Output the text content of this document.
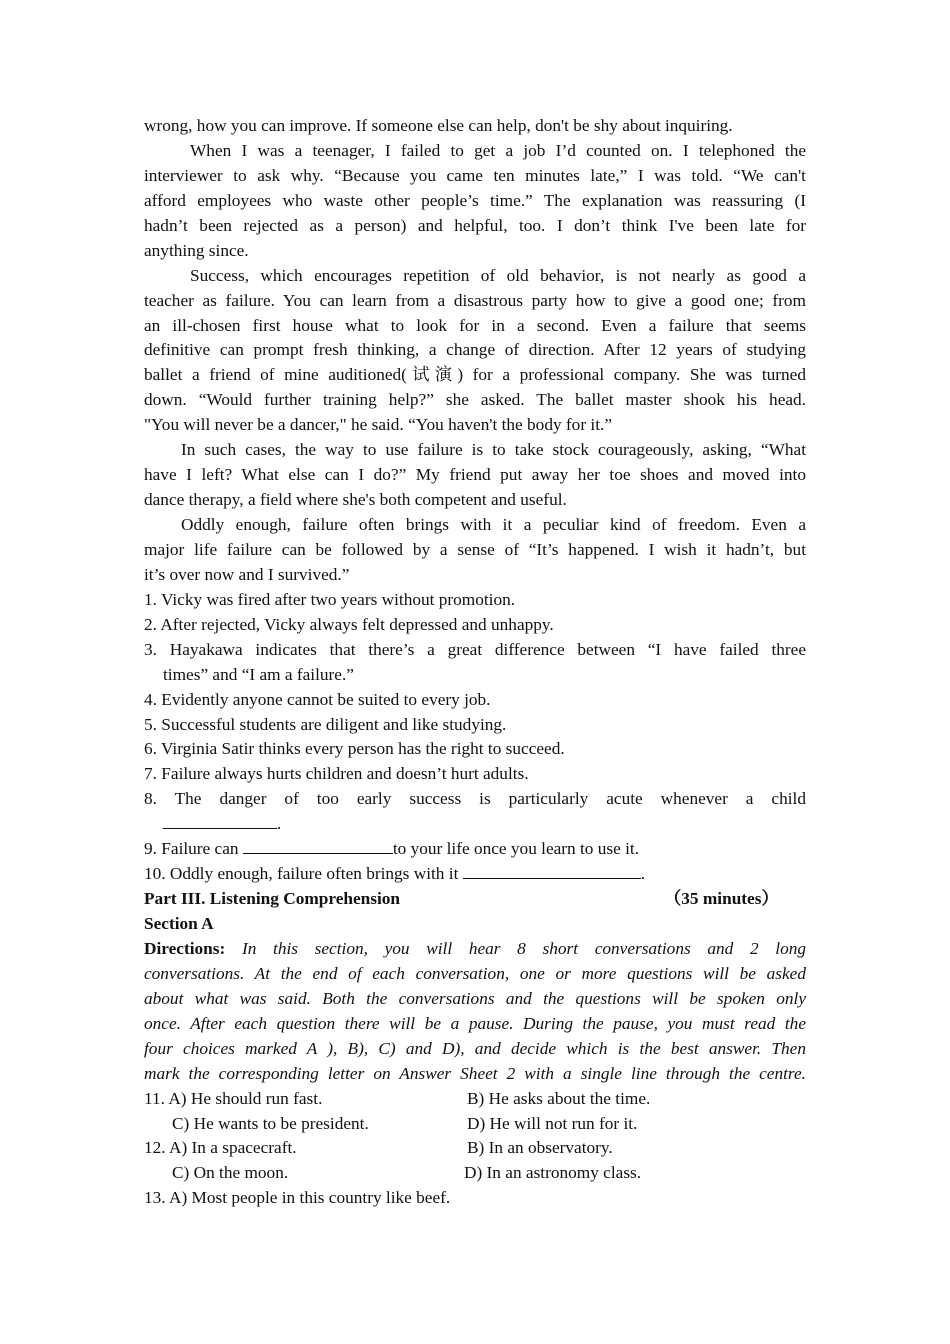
wrong, how you can improve. If someone else can help, don't be shy about inquiring.
When I was a teenager, I failed to get a job I’d counted on. I telephoned the
interviewer to ask why. “Because you came ten minutes late,” I was told. “We can't
afford employees who waste other people’s time.” The explanation was reassuring (I
hadn’t been rejected as a person) and helpful, too. I don’t think I've been late for
anything since.
Success, which encourages repetition of old behavior, is not nearly as good a
teacher as failure. You can learn from a disastrous party how to give a good one; from
an ill-chosen first house what to look for in a second. Even a failure that seems
definitive can prompt fresh thinking, a change of direction. After 12 years of studying
ballet a friend of mine auditioned(试演) for a professional company. She was turned
down. “Would further training help?” she asked. The ballet master shook his head.
"You will never be a dancer," he said. “You haven't the body for it.”
In such cases, the way to use failure is to take stock courageously, asking, “What
have I left? What else can I do?” My friend put away her toe shoes and moved into
dance therapy, a field where she's both competent and useful.
Oddly enough, failure often brings with it a peculiar kind of freedom. Even a
major life failure can be followed by a sense of “It’s happened. I wish it hadn’t, but
it’s over now and I survived.”
1. Vicky was fired after two years without promotion.
2. After rejected, Vicky always felt depressed and unhappy.
3. Hayakawa indicates that there’s a great difference between “I have failed three
times” and “I am a failure.”
4. Evidently anyone cannot be suited to every job.
5. Successful students are diligent and like studying.
6. Virginia Satir thinks every person has the right to succeed.
7. Failure always hurts children and doesn’t hurt adults.
8. The danger of too early success is particularly acute whenever a child
.
9. Failure can	to your life once you learn to use it.
10. Oddly enough, failure often brings with it	.
Part III. Listening Comprehension	（35 minutes）
Section A
Directions: In this section, you will hear 8 short conversations and 2 long
conversations. At the end of each conversation, one or more questions will be asked
about what was said. Both the conversations and the questions will be spoken only
once. After each question there will be a pause. During the pause, you must read the
four choices marked A ), B), C) and D), and decide which is the best answer. Then
mark the corresponding letter on Answer Sheet 2 with a single line through the centre.
11. A) He should run fast.	B) He asks about the time.
C) He wants to be president.	D) He will not run for it.
12. A) In a spacecraft.	B) In an observatory.
C) On the moon.	D) In an astronomy class.
13. A) Most people in this country like beef.
